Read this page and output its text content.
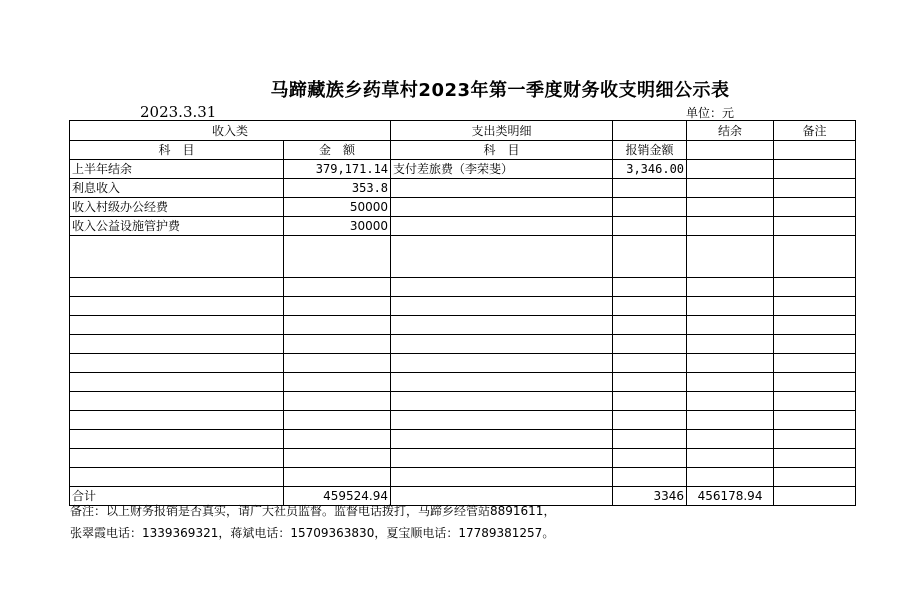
马蹄藏族乡药草村2023年第一季度财务收支明细公示表
2023.3.31	单位：元
收入类		支出类明细		结余	备注
科　目	金　额	科　目	报销金额		
上半年结余	379,171.14	支付差旅费（李荣斐）	3,346.00		
利息收入	353.8				
收入村级办公经费	50000				
收入公益设施管护费	30000				

合计	459524.94		3346	456178.94	
备注：以上财务报销是否真实，请广大社员监督。监督电话拨打，马蹄乡经管站8891611，
张翠霞电话：1339369321，蒋斌电话：15709363830，夏宝顺电话：17789381257。
